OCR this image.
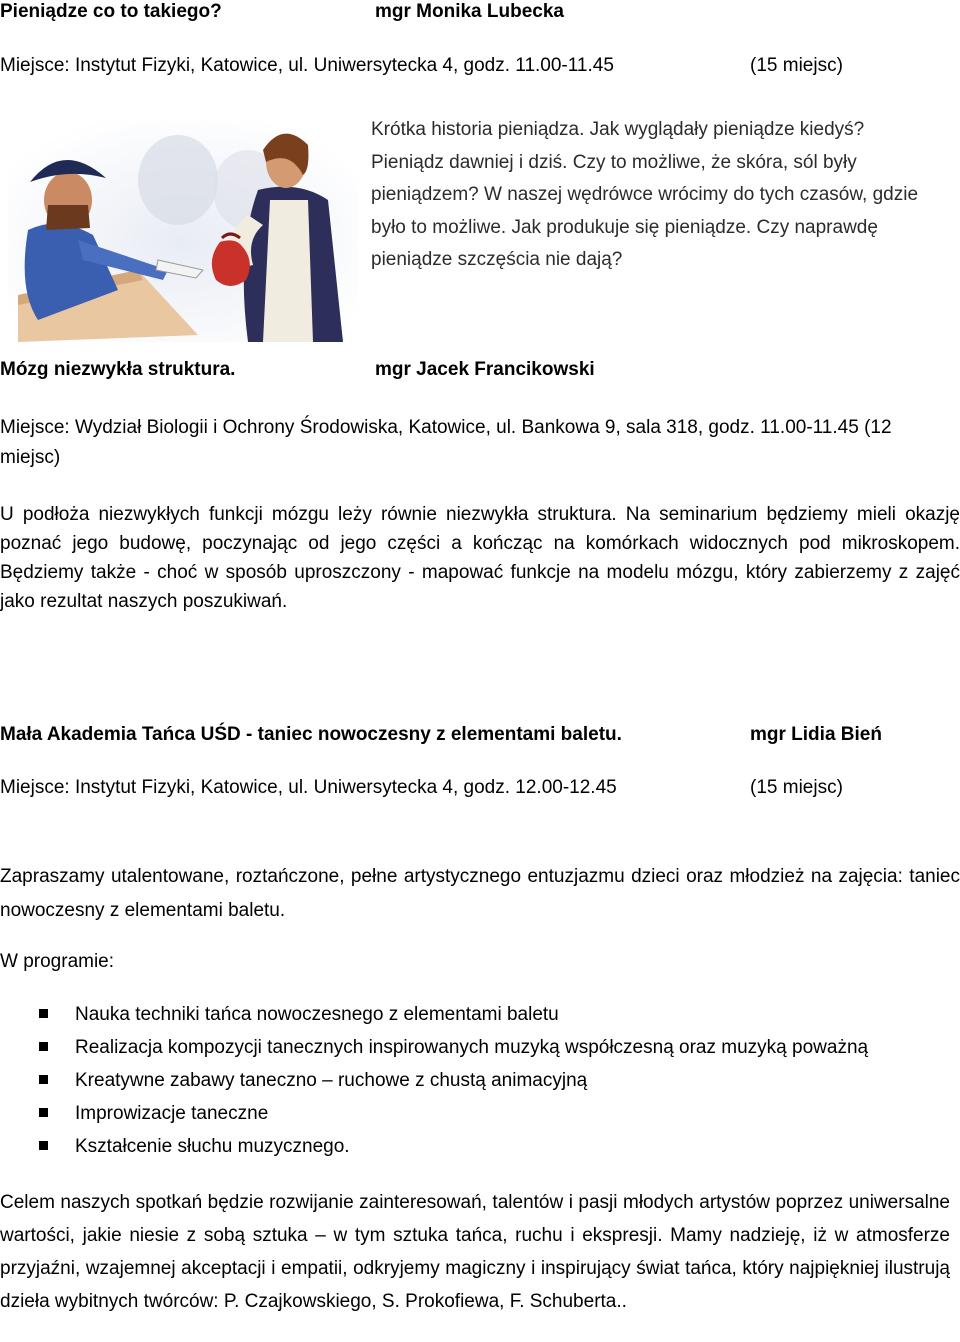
Pieniądze co to takiego?	mgr Monika Lubecka
Miejsce: Instytut Fizyki, Katowice, ul. Uniwersytecka 4, godz. 11.00-11.45	(15 miejsc)
Krótka historia pieniądza. Jak wyglądały pieniądze kiedyś? Pieniądz dawniej i dziś. Czy to możliwe, że skóra, sól były pieniądzem? W naszej wędrówce wrócimy do tych czasów, gdzie było to możliwe. Jak produkuje się pieniądze. Czy naprawdę pieniądze szczęścia nie dają?
Mózg niezwykła struktura.	mgr Jacek Francikowski
Miejsce: Wydział Biologii i Ochrony Środowiska, Katowice, ul. Bankowa 9, sala 318, godz. 11.00-11.45 (12 miejsc)
U podłoża niezwykłych funkcji mózgu leży równie niezwykła struktura. Na seminarium będziemy mieli okazję poznać jego budowę, poczynając od jego części a kończąc na komórkach widocznych pod mikroskopem. Będziemy także - choć w sposób uproszczony - mapować funkcje na modelu mózgu, który zabierzemy z zajęć jako rezultat naszych poszukiwań.
Mała Akademia Tańca UŚD - taniec nowoczesny z elementami baletu.	mgr Lidia Bień
Miejsce: Instytut Fizyki, Katowice, ul. Uniwersytecka 4, godz. 12.00-12.45	(15 miejsc)
Zapraszamy utalentowane, roztańczone, pełne artystycznego entuzjazmu dzieci oraz młodzież na zajęcia: taniec nowoczesny z elementami baletu.
W programie:
Nauka techniki tańca nowoczesnego z elementami baletu
Realizacja kompozycji tanecznych inspirowanych muzyką współczesną oraz muzyką poważną
Kreatywne zabawy taneczno – ruchowe z chustą animacyjną
Improwizacje taneczne
Kształcenie słuchu muzycznego.
Celem naszych spotkań będzie rozwijanie zainteresowań, talentów i pasji młodych artystów poprzez uniwersalne wartości, jakie niesie z sobą sztuka – w tym sztuka tańca, ruchu i ekspresji. Mamy nadzieję, iż w atmosferze przyjaźni, wzajemnej akceptacji i empatii, odkryjemy magiczny i inspirujący świat tańca, który najpiękniej ilustrują dzieła wybitnych twórców: P. Czajkowskiego, S. Prokofiewa, F. Schuberta..
